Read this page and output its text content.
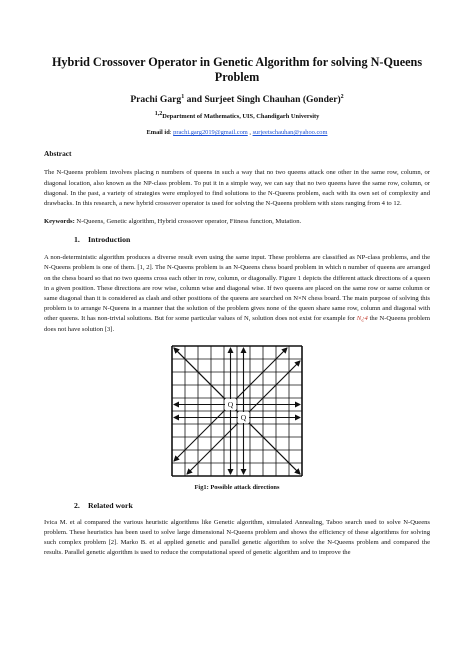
Hybrid Crossover Operator in Genetic Algorithm for solving N-Queens
Problem
Prachi Garg$^1$ and Surjeet Singh Chauhan (Gonder)$^2$
$^{1,2}$Department of Mathematics, UIS, Chandigarh University
Email id: prachi.garg2019@gmail.com , surjeetschauhan@yahoo.com
Abstract

The N-Queens problem involves placing n numbers of queens in such a way that no two queens attack one other in the same row, column, or diagonal location, also known as the NP-class problem. To put it in a simple way, we can say that no two queens have the same row, column, or diagonal. In the past, a variety of strategies were employed to find solutions to the N-Queens problem, each with its own set of complexity and drawbacks. In this research, a new hybrid crossover operator is used for solving the N-Queens problem with sizes ranging from 4 to 12.

Keywords: N-Queens, Genetic algorithm, Hybrid crossover operator, Fitness function, Mutation.
1. Introduction

A non-deterministic algorithm produces a diverse result even using the same input. These problems are classified as NP-class problems, and the N-Queens problem is one of them. [1, 2]. The N-Queens problem is an N-Queens chess board problem in which n number of queens are arranged on the chess board so that no two queens cross each other in row, column, or diagonally. Figure 1 depicts the different attack directions of a queen in a given position. These directions are row wise, column wise and diagonal wise. If two queens are placed on the same row or same column or same diagonal than it is considered as clash and other positions of the queens are searched on N×N chess board. The main purpose of solving this problem is to arrange N-Queens in a manner that the solution of the problem gives none of the queen share same row, column and diagonal with other queens. It has non-trivial solutions. But for some particular values of N, solution does not exist for example for N¿4 the N-Queens problem does not have solution [3].

Q
Q
Fig1: Possible attack directions
2. Related work

Ivica M. et al compared the various heuristic algorithms like Genetic algorithm, simulated Annealing, Taboo search used to solve N-Queens problem. These heuristics has been used to solve large dimensional N-Queens problem and shows the efficiency of these algorithms for solving such complex problem [2]. Marko B. et al applied genetic and parallel genetic algorithm to solve the N-Queens problem and compared the results. Parallel genetic algorithm is used to reduce the computational speed of genetic algorithm and to improve the
